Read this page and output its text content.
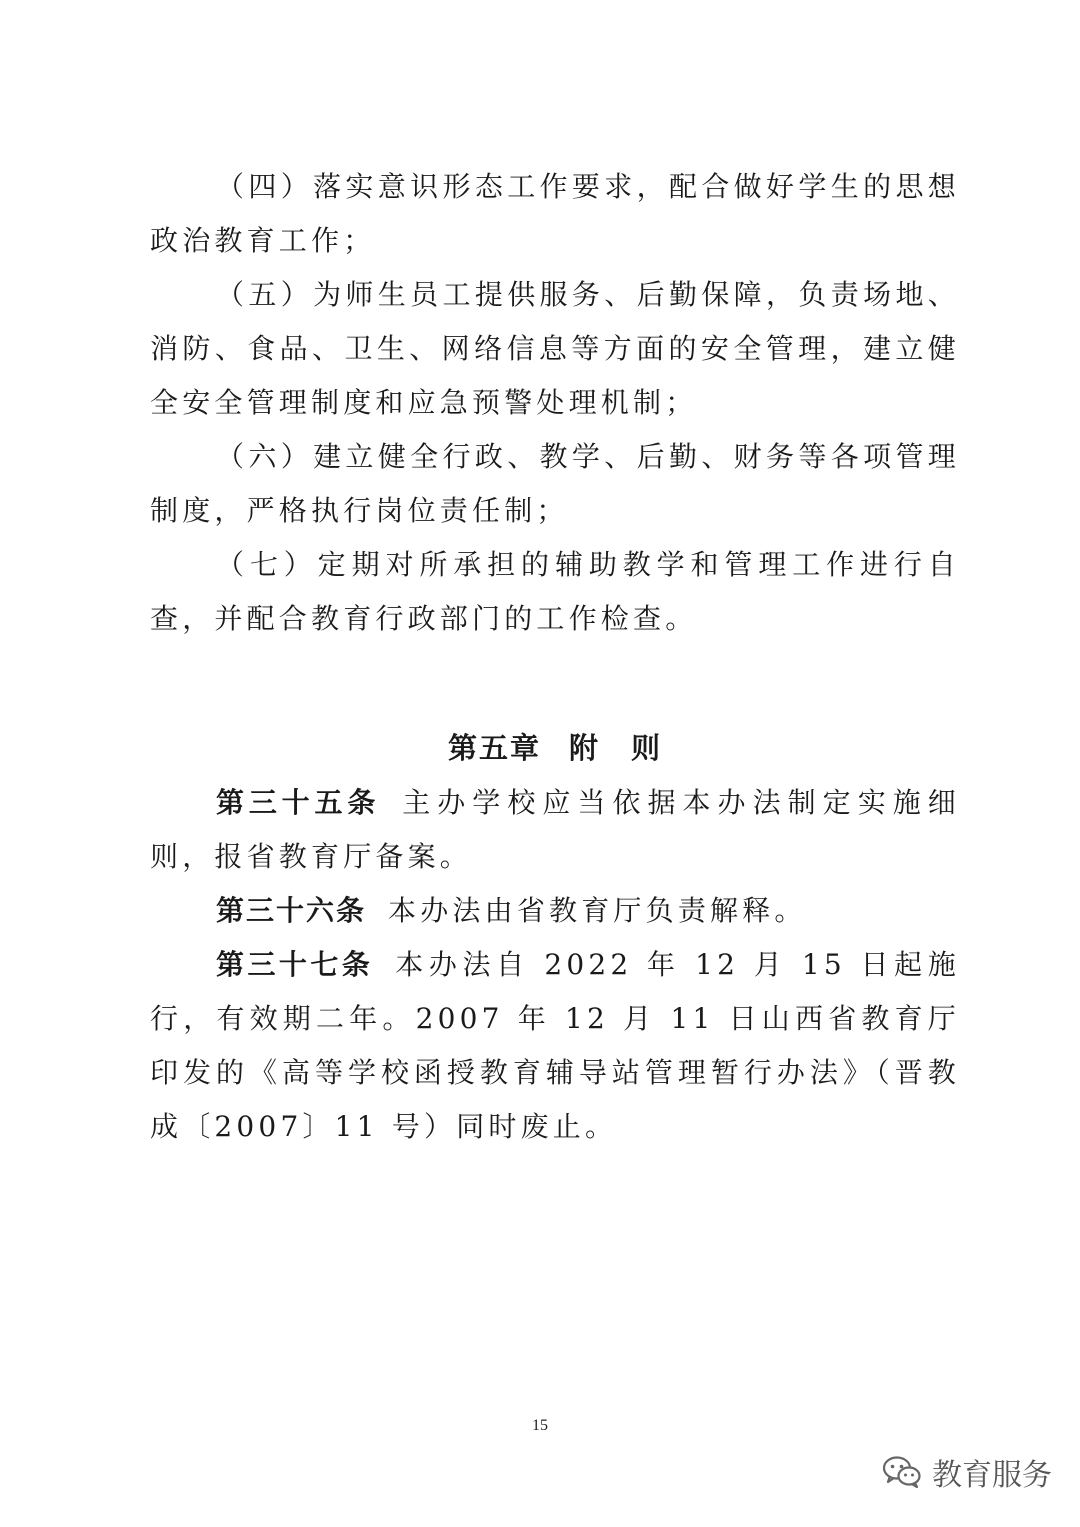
（四）落实意识形态工作要求，配合做好学生的思想政治教育工作；

（五）为师生员工提供服务、后勤保障，负责场地、消防、食品、卫生、网络信息等方面的安全管理，建立健全安全管理制度和应急预警处理机制；

（六）建立健全行政、教学、后勤、财务等各项管理制度，严格执行岗位责任制；

（七）定期对所承担的辅助教学和管理工作进行自查，并配合教育行政部门的工作检查。

第五章 附　则

第三十五条 主办学校应当依据本办法制定实施细则，报省教育厅备案。

第三十六条 本办法由省教育厅负责解释。

第三十七条 本办法自 2022 年 12 月 15 日起施行，有效期二年。2007 年 12 月 11 日山西省教育厅印发的《高等学校函授教育辅导站管理暂行办法》（晋教成〔2007〕11 号）同时废止。

15
教育服务
